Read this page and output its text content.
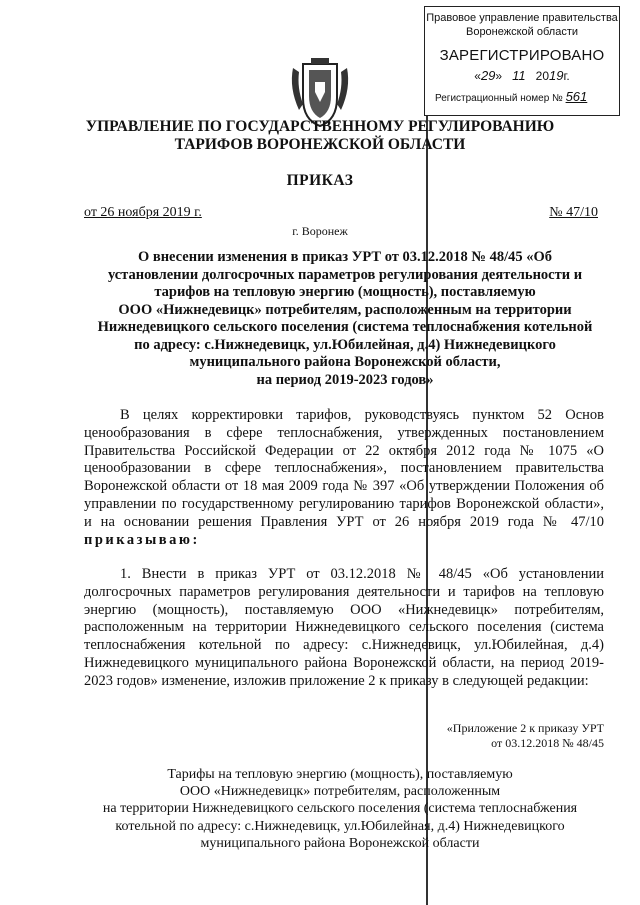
Правовое управление правительства
Воронежской области
ЗАРЕГИСТРИРОВАНО
«29» 11 2019г.
Регистрационный номер № 561
УПРАВЛЕНИЕ ПО ГОСУДАРСТВЕННОМУ РЕГУЛИРОВАНИЮ
ТАРИФОВ ВОРОНЕЖСКОЙ ОБЛАСТИ
ПРИКАЗ
от 26 ноября 2019 г.	№ 47/10
г. Воронеж
О внесении изменения в приказ УРТ от 03.12.2018 № 48/45 «Об
установлении долгосрочных параметров регулирования деятельности и
тарифов на тепловую энергию (мощность), поставляемую
ООО «Нижнедевицк» потребителям, расположенным на территории
Нижнедевицкого сельского поселения (система теплоснабжения котельной
по адресу: с.Нижнедевицк, ул.Юбилейная, д.4) Нижнедевицкого
муниципального района Воронежской области,
на период 2019-2023 годов»
В целях корректировки тарифов, руководствуясь пунктом 52 Основ ценообразования в сфере теплоснабжения, утвержденных постановлением Правительства Российской Федерации от 22 октября 2012 года № 1075 «О ценообразовании в сфере теплоснабжения», постановлением правительства Воронежской области от 18 мая 2009 года № 397 «Об утверждении Положения об управлении по государственному регулированию тарифов Воронежской области», и на основании решения Правления УРТ от 26 ноября 2019 года № 47/10 приказываю:
1. Внести в приказ УРТ от 03.12.2018 № 48/45 «Об установлении долгосрочных параметров регулирования деятельности и тарифов на тепловую энергию (мощность), поставляемую ООО «Нижнедевицк» потребителям, расположенным на территории Нижнедевицкого сельского поселения (система теплоснабжения котельной по адресу: с.Нижнедевицк, ул.Юбилейная, д.4) Нижнедевицкого муниципального района Воронежской области, на период 2019-2023 годов» изменение, изложив приложение 2 к приказу в следующей редакции:
«Приложение 2 к приказу УРТ
от 03.12.2018 № 48/45
Тарифы на тепловую энергию (мощность), поставляемую
ООО «Нижнедевицк» потребителям, расположенным
на территории Нижнедевицкого сельского поселения (система теплоснабжения
котельной по адресу: с.Нижнедевицк, ул.Юбилейная, д.4) Нижнедевицкого
муниципального района Воронежской области
